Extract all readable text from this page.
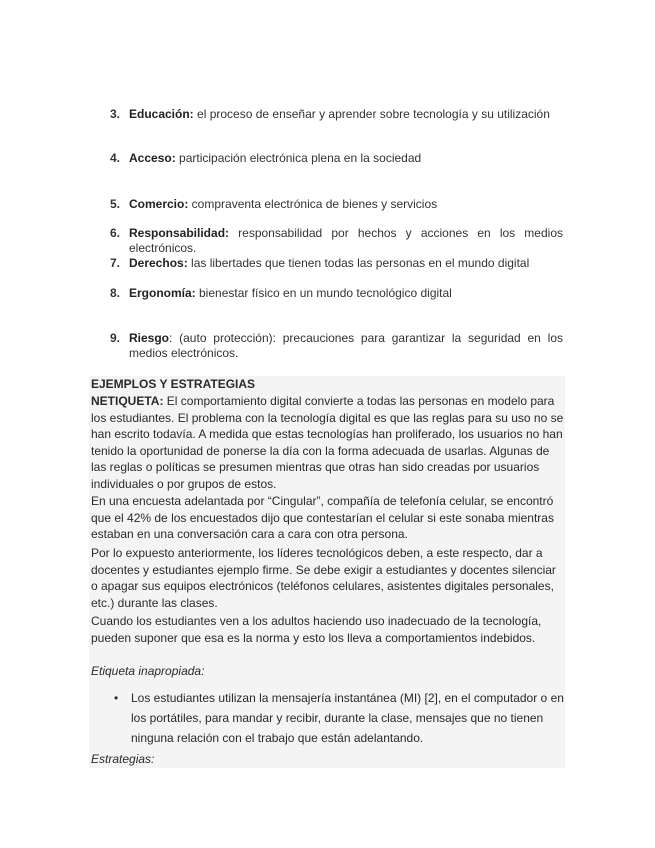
3. Educación: el proceso de enseñar y aprender sobre tecnología y su utilización
4. Acceso: participación electrónica plena en la sociedad
5. Comercio: compraventa electrónica de bienes y servicios
6. Responsabilidad: responsabilidad por hechos y acciones en los medios electrónicos.
7. Derechos: las libertades que tienen todas las personas en el mundo digital
8. Ergonomía: bienestar físico en un mundo tecnológico digital
9. Riesgo: (auto protección): precauciones para garantizar la seguridad en los medios electrónicos.
EJEMPLOS Y ESTRATEGIAS
NETIQUETA: El comportamiento digital convierte a todas las personas en modelo para los estudiantes. El problema con la tecnología digital es que las reglas para su uso no se han escrito todavía. A medida que estas tecnologías han proliferado, los usuarios no han tenido la oportunidad de ponerse la día con la forma adecuada de usarlas. Algunas de las reglas o políticas se presumen mientras que otras han sido creadas por usuarios individuales o por grupos de estos.
En una encuesta adelantada por “Cingular”, compañía de telefonía celular, se encontró que el 42% de los encuestados dijo que contestarían el celular si este sonaba mientras estaban en una conversación cara a cara con otra persona.
Por lo expuesto anteriormente, los líderes tecnológicos deben, a este respecto, dar a docentes y estudiantes ejemplo firme. Se debe exigir a estudiantes y docentes silenciar o apagar sus equipos electrónicos (teléfonos celulares, asistentes digitales personales, etc.) durante las clases.
Cuando los estudiantes ven a los adultos haciendo uso inadecuado de la tecnología, pueden suponer que esa es la norma y esto los lleva a comportamientos indebidos.
Etiqueta inapropiada:
• Los estudiantes utilizan la mensajería instantánea (MI) [2], en el computador o en los portátiles, para mandar y recibir, durante la clase, mensajes que no tienen ninguna relación con el trabajo que están adelantando.
Estrategias:
